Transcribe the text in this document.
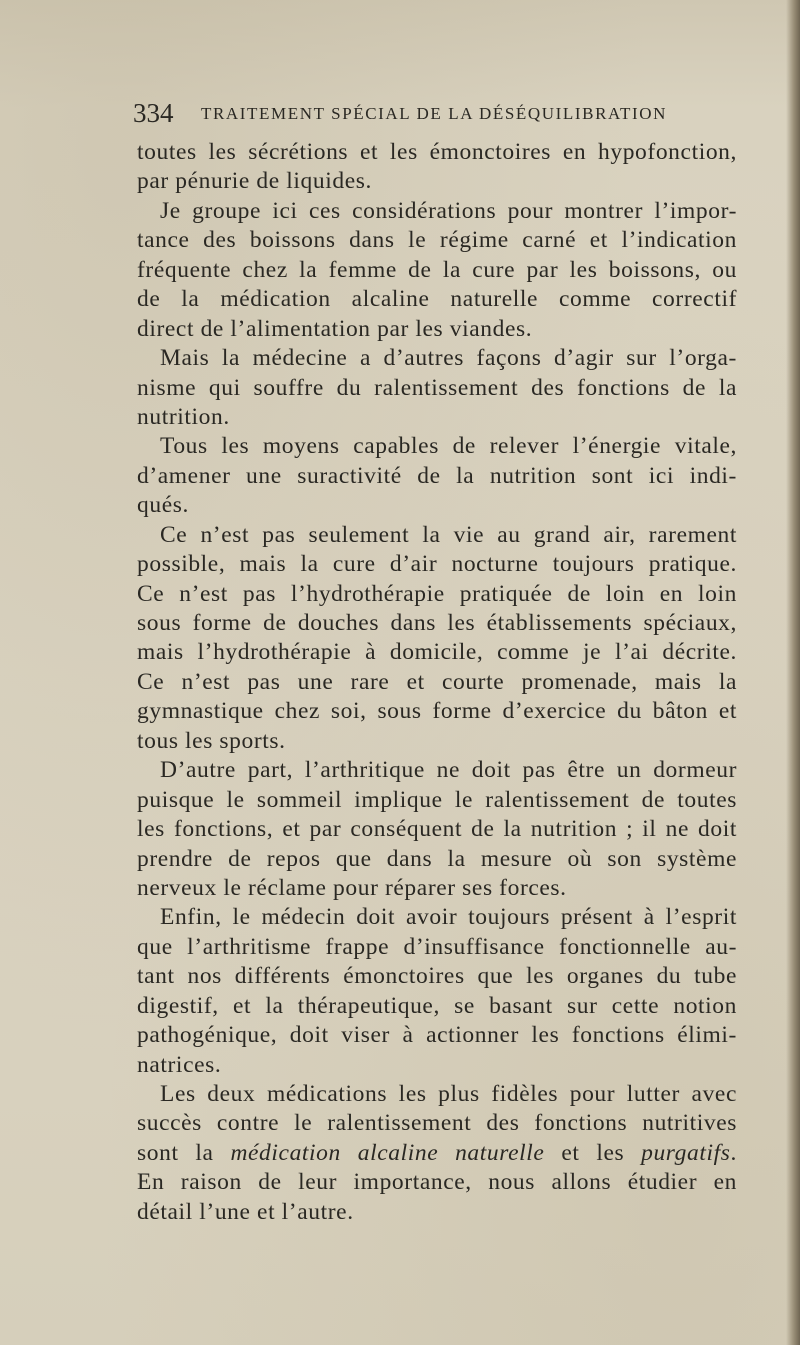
334 TRAITEMENT SPÉCIAL DE LA DÉSÉQUILIBRATION
toutes les sécrétions et les émonctoires en hypofonction,
par pénurie de liquides.
Je groupe ici ces considérations pour montrer l’impor-
tance des boissons dans le régime carné et l’indication
fréquente chez la femme de la cure par les boissons, ou
de la médication alcaline naturelle comme correctif
direct de l’alimentation par les viandes.
Mais la médecine a d’autres façons d’agir sur l’orga-
nisme qui souffre du ralentissement des fonctions de la
nutrition.
Tous les moyens capables de relever l’énergie vitale,
d’amener une suractivité de la nutrition sont ici indi-
qués.
Ce n’est pas seulement la vie au grand air, rarement
possible, mais la cure d’air nocturne toujours pratique.
Ce n’est pas l’hydrothérapie pratiquée de loin en loin
sous forme de douches dans les établissements spéciaux,
mais l’hydrothérapie à domicile, comme je l’ai décrite.
Ce n’est pas une rare et courte promenade, mais la
gymnastique chez soi, sous forme d’exercice du bâton et
tous les sports.
D’autre part, l’arthritique ne doit pas être un dormeur
puisque le sommeil implique le ralentissement de toutes
les fonctions, et par conséquent de la nutrition ; il ne doit
prendre de repos que dans la mesure où son système
nerveux le réclame pour réparer ses forces.
Enfin, le médecin doit avoir toujours présent à l’esprit
que l’arthritisme frappe d’insuffisance fonctionnelle au-
tant nos différents émonctoires que les organes du tube
digestif, et la thérapeutique, se basant sur cette notion
pathogénique, doit viser à actionner les fonctions élimi-
natrices.
Les deux médications les plus fidèles pour lutter avec
succès contre le ralentissement des fonctions nutritives
sont la médication alcaline naturelle et les purgatifs.
En raison de leur importance, nous allons étudier en
détail l’une et l’autre.
